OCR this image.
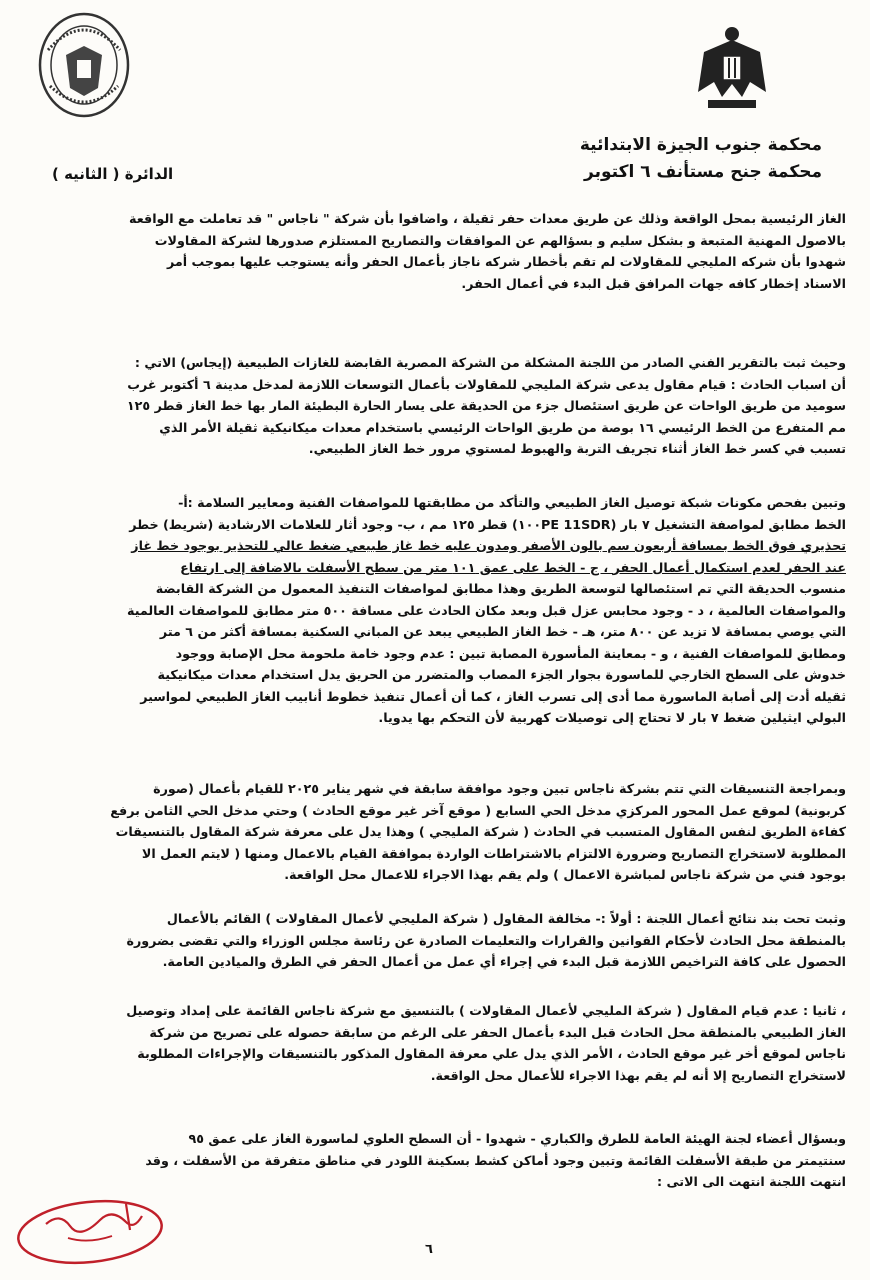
محكمة جنوب الجيزة الابتدائية
محكمة جنح مستأنف ٦ اكتوبر
الدائرة ( الثانيه )
الغاز الرئيسية بمحل الواقعة وذلك عن طريق معدات حفر ثقيلة ، واضافوا بأن شركة " ناجاس " قد تعاملت مع الواقعة
بالاصول المهنية المتبعة و بشكل سليم و بسؤالهم عن الموافقات والتصاريح المستلزم صدورها لشركة المقاولات
شهدوا بأن شركه المليجي للمقاولات لم تقم بأخطار شركه ناجاز بأعمال الحفر وأنه يستوجب عليها بموجب أمر
الاسناد إخطار كافه جهات المرافق قبل البدء في أعمال الحفر.
وحيث ثبت بالتقرير الفني الصادر من اللجنة المشكلة من الشركة المصرية القابضة للغازات الطبيعية (إيجاس) الاتي :
أن اسباب الحادث : قيام مقاول يدعى شركة المليجي للمقاولات بأعمال التوسعات اللازمة لمدخل مدينة ٦ أكتوبر غرب
سوميد من طريق الواحات عن طريق استئصال جزء من الحديقة على يسار الحارة البطيئة المار بها خط الغاز قطر ١٢٥
مم المتفرع من الخط الرئيسي ١٦ بوصة من طريق الواحات الرئيسي باستخدام معدات ميكانيكية ثقيلة الأمر الذي
تسبب في كسر خط الغاز أثناء تجريف التربة والهبوط لمستوي مرور خط الغاز الطبيعي.
وتبين بفحص مكونات شبكة توصيل الغاز الطبيعي والتأكد من مطابقتها للمواصفات الفنية ومعايير السلامة :أ-
الخط مطابق لمواصفة التشغيل ٧ بار (11SDR ١٠٠PE) قطر ١٢٥ مم ، ب- وجود أثار للعلامات الارشادية (شريط) خطر
تحذيري فوق الخط بمسافة أربعون سم بالون الأصفر ومدون عليه خط غاز طبيعي ضغط عالي للتحذير بوجود خط غاز
عند الحفر لعدم استكمال أعمال الحفر ، ج - الخط على عمق ١٠١ متر من سطح الأسفلت بالاضافة إلى ارتفاع
منسوب الحديقة التي تم استئصالها لتوسعة الطريق وهذا مطابق لمواصفات التنفيذ المعمول من الشركة القابضة
والمواصفات العالمية ، د - وجود محابس عزل قبل وبعد مكان الحادث على مسافة ٥٠٠ متر مطابق للمواصفات العالمية
التي يوصي بمسافة لا تزيد عن ٨٠٠ متر، هـ - خط الغاز الطبيعي يبعد عن المباني السكنية بمسافة أكثر من ٦ متر
ومطابق للمواصفات الفنية ، و - بمعاينة المأسورة المصابة تبين : عدم وجود خامة ملحومة محل الإصابة ووجود
خدوش على السطح الخارجي للماسورة بجوار الجزء المصاب والمتضرر من الحريق يدل استخدام معدات ميكانيكية
ثقيله أدت إلى أصابة الماسورة مما أدى إلى تسرب الغاز ، كما أن أعمال تنفيذ خطوط أنابيب الغاز الطبيعي لمواسير
البولي ايثيلين ضغط ٧ بار لا تحتاج إلى توصيلات كهربية لأن التحكم بها يدويا.
وبمراجعة التنسيقات التي تتم بشركة ناجاس تبين وجود موافقة سابقة في شهر يناير ٢٠٢٥ للقيام بأعمال (صورة
كربونية) لموقع عمل المحور المركزي مدخل الحي السابع ( موقع آخر غير موقع الحادث ) وحتي مدخل الحي الثامن برفع
كفاءة الطريق لنفس المقاول المتسبب في الحادث ( شركة المليجي ) وهذا يدل على معرفة شركة المقاول بالتنسيقات
المطلوبة لاستخراج التصاريح وضرورة الالتزام بالاشتراطات الواردة بموافقة القيام بالاعمال ومنها ( لايتم العمل الا
بوجود فني من شركة ناجاس لمباشرة الاعمال ) ولم يقم بهذا الاجراء للاعمال محل الواقعة.
وثبت تحت بند نتائج أعمال اللجنة : أولاً :- مخالفة المقاول ( شركة المليجي لأعمال المقاولات ) القائم بالأعمال
بالمنطقة محل الحادث لأحكام القوانين والقرارات والتعليمات الصادرة عن رئاسة مجلس الوزراء والتي تقضى بضرورة
الحصول على كافة التراخيص اللازمة قبل البدء في إجراء أي عمل من أعمال الحفر في الطرق والميادين العامة.
، ثانيا : عدم قيام المقاول ( شركة المليجي لأعمال المقاولات ) بالتنسيق مع شركة ناجاس القائمة على إمداد وتوصيل
الغاز الطبيعي بالمنطقة محل الحادث قبل البدء بأعمال الحفر على الرغم من سابقة حصوله على تصريح من شركة
ناجاس لموقع أخر غير موقع الحادث ، الأمر الذي يدل علي معرفة المقاول المذكور بالتنسيقات والإجراءات المطلوبة
لاستخراج التصاريح إلا أنه لم يقم بهذا الاجراء للأعمال محل الواقعة.
وبسؤال أعضاء لجنة الهيئة العامة للطرق والكباري - شهدوا - أن السطح العلوي لماسورة الغاز على عمق ٩٥
سنتيمتر من طبقة الأسفلت القائمة وتبين وجود أماكن كشط بسكينة اللودر في مناطق متفرقة من الأسفلت ، وقد
انتهت اللجنة انتهت الى الاتى :
٦
